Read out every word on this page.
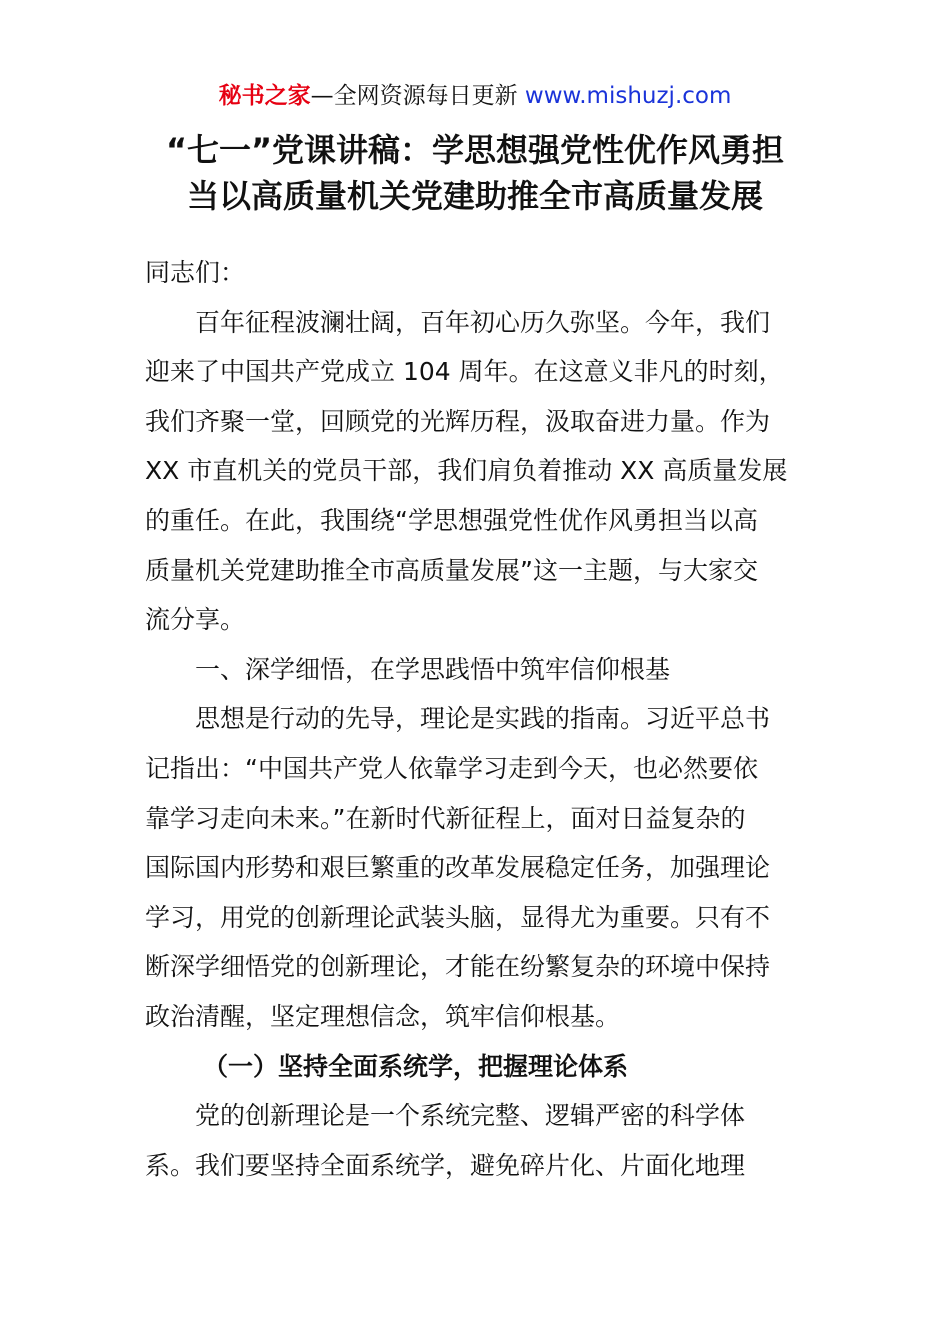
秘书之家—全网资源每日更新 www.mishuzj.com
“七一”党课讲稿：学思想强党性优作风勇担
当以高质量机关党建助推全市高质量发展
同志们：
百年征程波澜壮阔，百年初心历久弥坚。今年，我们
迎来了中国共产党成立 104 周年。在这意义非凡的时刻，
我们齐聚一堂，回顾党的光辉历程，汲取奋进力量。作为
XX 市直机关的党员干部，我们肩负着推动 XX 高质量发展
的重任。在此，我围绕“学思想强党性优作风勇担当以高
质量机关党建助推全市高质量发展”这一主题，与大家交
流分享。
一、深学细悟，在学思践悟中筑牢信仰根基
思想是行动的先导，理论是实践的指南。习近平总书
记指出：“中国共产党人依靠学习走到今天，也必然要依
靠学习走向未来。”在新时代新征程上，面对日益复杂的
国际国内形势和艰巨繁重的改革发展稳定任务，加强理论
学习，用党的创新理论武装头脑，显得尤为重要。只有不
断深学细悟党的创新理论，才能在纷繁复杂的环境中保持
政治清醒，坚定理想信念，筑牢信仰根基。
（一）坚持全面系统学，把握理论体系
党的创新理论是一个系统完整、逻辑严密的科学体
系。我们要坚持全面系统学，避免碎片化、片面化地理
